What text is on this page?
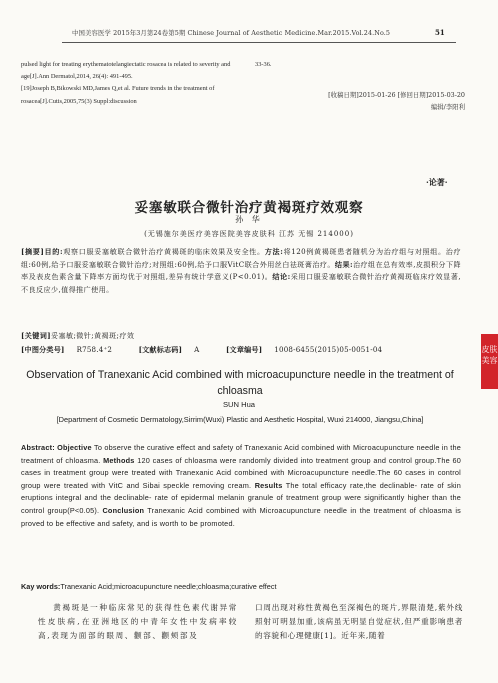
中国美容医学 2015年3月第24卷第5期 Chinese Journal of Aesthetic Medicine.Mar.2015.Vol.24.No.5	51
pulsed light for treating erythematotelangiectatic rosacea is related to severity and age[J].Ann Dermatol,2014, 26(4): 491-495.
[19]Joseph B,Bikowski MD,James Q,et al. Future trends in the treatment of rosacea[J].Cutis,2005,75(3) Suppl:discussion
33-36.
[收稿日期]2015-01-26 [修回日期]2015-03-20
编辑/李阳利
·论著·
妥塞敏联合微针治疗黄褐斑疗效观察
孙 华
(无锡施尔美医疗美容医院美容皮肤科 江苏 无锡 214000)
[摘要]目的:观察口服妥塞敏联合微针治疗黄褐斑的临床效果及安全性。方法:将120例黄褐斑患者随机分为治疗组与对照组。治疗组:60例,给予口服妥塞敏联合微针治疗;对照组:60例,给予口服VitC联合外用丝白祛斑膏治疗。结果:治疗组在总有效率,皮损积分下降率及表皮色素含量下降率方面均优于对照组,差异有统计学意义(P<0.01)。结论:采用口服妥塞敏联合微针治疗黄褐斑临床疗效显著,不良反应少,值得推广使用。
[关键词]妥塞敏;微针;黄褐斑;疗效
[中图分类号] R758.4⁺2	[文献标志码] A	[文章编号] 1008-6455(2015)05-0051-04	皮肤美容
Observation of Tranexanic Acid combined with microacupuncture needle in the treatment of chloasma
SUN Hua
[Department of Cosmetic Dermatology,Sirrim(Wuxi) Plastic and Aesthetic Hospital, Wuxi 214000, Jiangsu,China]
Abstract: Objective To observe the curative effect and safety of Tranexanic Acid combined with Microacupuncture needle in the treatment of chloasma. Methods 120 cases of chloasma were randomly divided into treatment group and control group.The 60 cases in treatment group were treated with Tranexanic Acid combined with Microacupuncture needle.The 60 cases in control group were treated with VitC and Sibai speckle removing cream. Results The total efficacy rate,the declinable- rate of skin eruptions integral and the declinable- rate of epidermal melanin granule of treatment group were significantly higher than the control group(P<0.05). Conclusion Tranexanic Acid combined with Microacupuncture needle in the treatment of chloasma is proved to be effective and safety, and is worth to be promoted.
Kay words:Tranexanic Acid;microacupuncture needle;chloasma;curative effect
黄褐斑是一种临床常见的获得性色素代谢异常性皮肤病,在亚洲地区的中青年女性中发病率较高,表现为面部的眼周、颧部、颧颊部及
口周出现对称性黄褐色至深褐色的斑片,界限清楚,紫外线照射可明显加重,该病虽无明显自觉症状,但严重影响患者的容貌和心理健康[1]。近年来,随着
